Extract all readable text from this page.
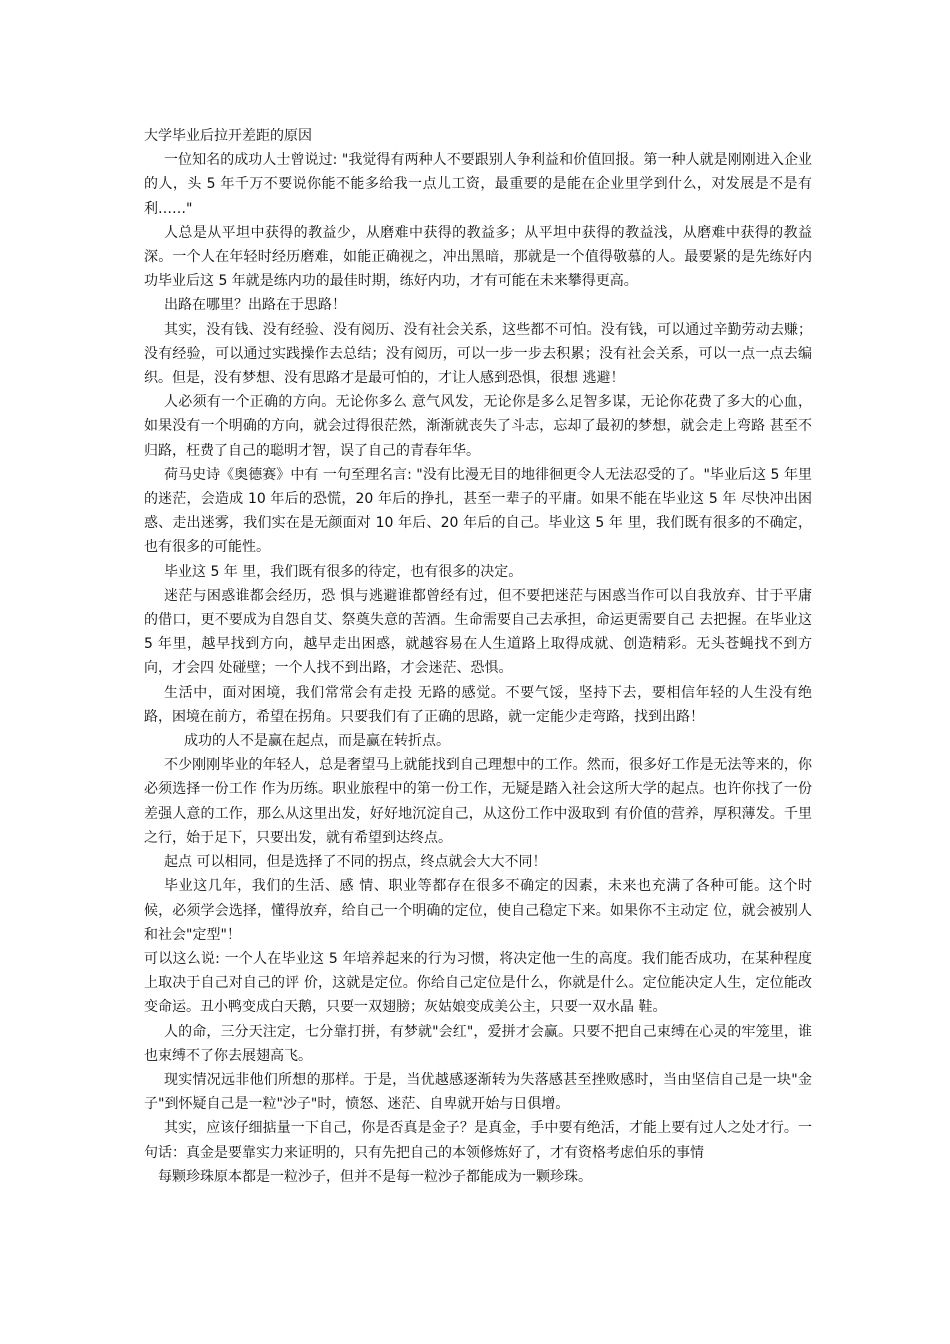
大学毕业后拉开差距的原因
一位知名的成功人士曾说过: "我觉得有两种人不要跟别人争利益和价值回报。第一种人就是刚刚进入企业的人，头 5 年千万不要说你能不能多给我一点儿工资，最重要的是能在企业里学到什么，对发展是不是有利……"
人总是从平坦中获得的教益少，从磨难中获得的教益多；从平坦中获得的教益浅，从磨难中获得的教益深。一个人在年轻时经历磨难，如能正确视之，冲出黑暗，那就是一个值得敬慕的人。最要紧的是先练好内功毕业后这 5 年就是练内功的最佳时期，练好内功，才有可能在未来攀得更高。
出路在哪里？出路在于思路！
其实，没有钱、没有经验、没有阅历、没有社会关系，这些都不可怕。没有钱，可以通过辛勤劳动去赚；没有经验，可以通过实践操作去总结；没有阅历，可以一步一步去积累；没有社会关系，可以一点一点去编织。但是，没有梦想、没有思路才是最可怕的，才让人感到恐惧，很想 逃避！
人必须有一个正确的方向。无论你多么 意气风发，无论你是多么足智多谋，无论你花费了多大的心血，如果没有一个明确的方向，就会过得很茫然，渐渐就丧失了斗志，忘却了最初的梦想，就会走上弯路 甚至不归路，枉费了自己的聪明才智，误了自己的青春年华。
荷马史诗《奥德赛》中有 一句至理名言: "没有比漫无目的地徘徊更令人无法忍受的了。"毕业后这 5 年里的迷茫，会造成 10 年后的恐慌，20 年后的挣扎，甚至一辈子的平庸。如果不能在毕业这 5 年 尽快冲出困惑、走出迷雾，我们实在是无颜面对 10 年后、20 年后的自己。毕业这 5 年 里，我们既有很多的不确定，也有很多的可能性。
毕业这 5 年 里，我们既有很多的待定，也有很多的决定。
迷茫与困惑谁都会经历，恐 惧与逃避谁都曾经有过，但不要把迷茫与困惑当作可以自我放弃、甘于平庸的借口，更不要成为自怨自艾、祭奠失意的苦酒。生命需要自己去承担，命运更需要自己 去把握。在毕业这 5 年里，越早找到方向，越早走出困惑，就越容易在人生道路上取得成就、创造精彩。无头苍蝇找不到方向，才会四 处碰壁；一个人找不到出路，才会迷茫、恐惧。
生活中，面对困境，我们常常会有走投 无路的感觉。不要气馁，坚持下去，要相信年轻的人生没有绝路，困境在前方，希望在拐角。只要我们有了正确的思路，就一定能少走弯路，找到出路！
成功的人不是赢在起点，而是赢在转折点。
不少刚刚毕业的年轻人，总是奢望马上就能找到自己理想中的工作。然而，很多好工作是无法等来的，你必须选择一份工作 作为历练。职业旅程中的第一份工作，无疑是踏入社会这所大学的起点。也许你找了一份差强人意的工作，那么从这里出发，好好地沉淀自己，从这份工作中汲取到 有价值的营养，厚积薄发。千里之行，始于足下，只要出发，就有希望到达终点。
起点 可以相同，但是选择了不同的拐点，终点就会大大不同！
毕业这几年，我们的生活、感 情、职业等都存在很多不确定的因素，未来也充满了各种可能。这个时候，必须学会选择，懂得放弃，给自己一个明确的定位，使自己稳定下来。如果你不主动定 位，就会被别人和社会"定型"！
可以这么说: 一个人在毕业这 5 年培养起来的行为习惯，将决定他一生的高度。我们能否成功，在某种程度上取决于自己对自己的评 价，这就是定位。你给自己定位是什么，你就是什么。定位能决定人生，定位能改变命运。丑小鸭变成白天鹅，只要一双翅膀；灰姑娘变成美公主，只要一双水晶 鞋。
人的命，三分天注定，七分靠打拼，有梦就"会红"，爱拼才会赢。只要不把自己束缚在心灵的牢笼里，谁也束缚不了你去展翅高飞。
现实情况远非他们所想的那样。于是，当优越感逐渐转为失落感甚至挫败感时，当由坚信自己是一块"金子"到怀疑自己是一粒"沙子"时，愤怒、迷茫、自卑就开始与日俱增。
其实，应该仔细掂量一下自己，你是否真是金子？是真金，手中要有绝活，才能上要有过人之处才行。一句话：真金是要靠实力来证明的，只有先把自己的本领修炼好了，才有资格考虑伯乐的事情
每颗珍珠原本都是一粒沙子，但并不是每一粒沙子都能成为一颗珍珠。
